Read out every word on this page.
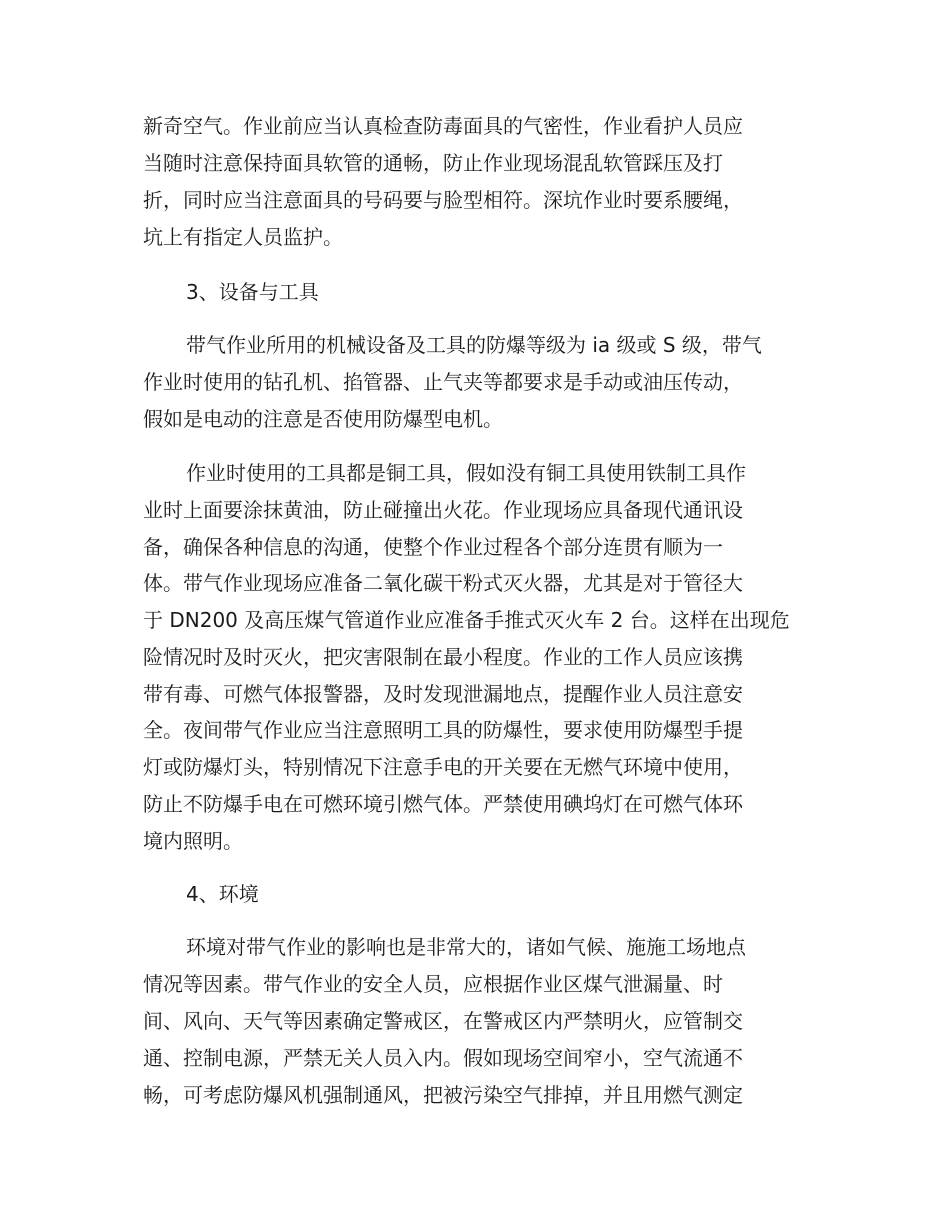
新奇空气。作业前应当认真检查防毒面具的气密性，作业看护人员应
当随时注意保持面具软管的通畅，防止作业现场混乱软管踩压及打
折，同时应当注意面具的号码要与脸型相符。深坑作业时要系腰绳，
坑上有指定人员监护。
3、设备与工具
带气作业所用的机械设备及工具的防爆等级为 ia 级或 S 级，带气
作业时使用的钻孔机、掐管器、止气夹等都要求是手动或油压传动，
假如是电动的注意是否使用防爆型电机。
作业时使用的工具都是铜工具，假如没有铜工具使用铁制工具作
业时上面要涂抹黄油，防止碰撞出火花。作业现场应具备现代通讯设
备，确保各种信息的沟通，使整个作业过程各个部分连贯有顺为一
体。带气作业现场应准备二氧化碳干粉式灭火器，尤其是对于管径大
于 DN200 及高压煤气管道作业应准备手推式灭火车 2 台。这样在出现危
险情况时及时灭火，把灾害限制在最小程度。作业的工作人员应该携
带有毒、可燃气体报警器，及时发现泄漏地点，提醒作业人员注意安
全。夜间带气作业应当注意照明工具的防爆性，要求使用防爆型手提
灯或防爆灯头，特别情况下注意手电的开关要在无燃气环境中使用，
防止不防爆手电在可燃环境引燃气体。严禁使用碘坞灯在可燃气体环
境内照明。
4、环境
环境对带气作业的影响也是非常大的，诸如气候、施施工场地点
情况等因素。带气作业的安全人员，应根据作业区煤气泄漏量、时
间、风向、天气等因素确定警戒区，在警戒区内严禁明火，应管制交
通、控制电源，严禁无关人员入内。假如现场空间窄小，空气流通不
畅，可考虑防爆风机强制通风，把被污染空气排掉，并且用燃气测定
